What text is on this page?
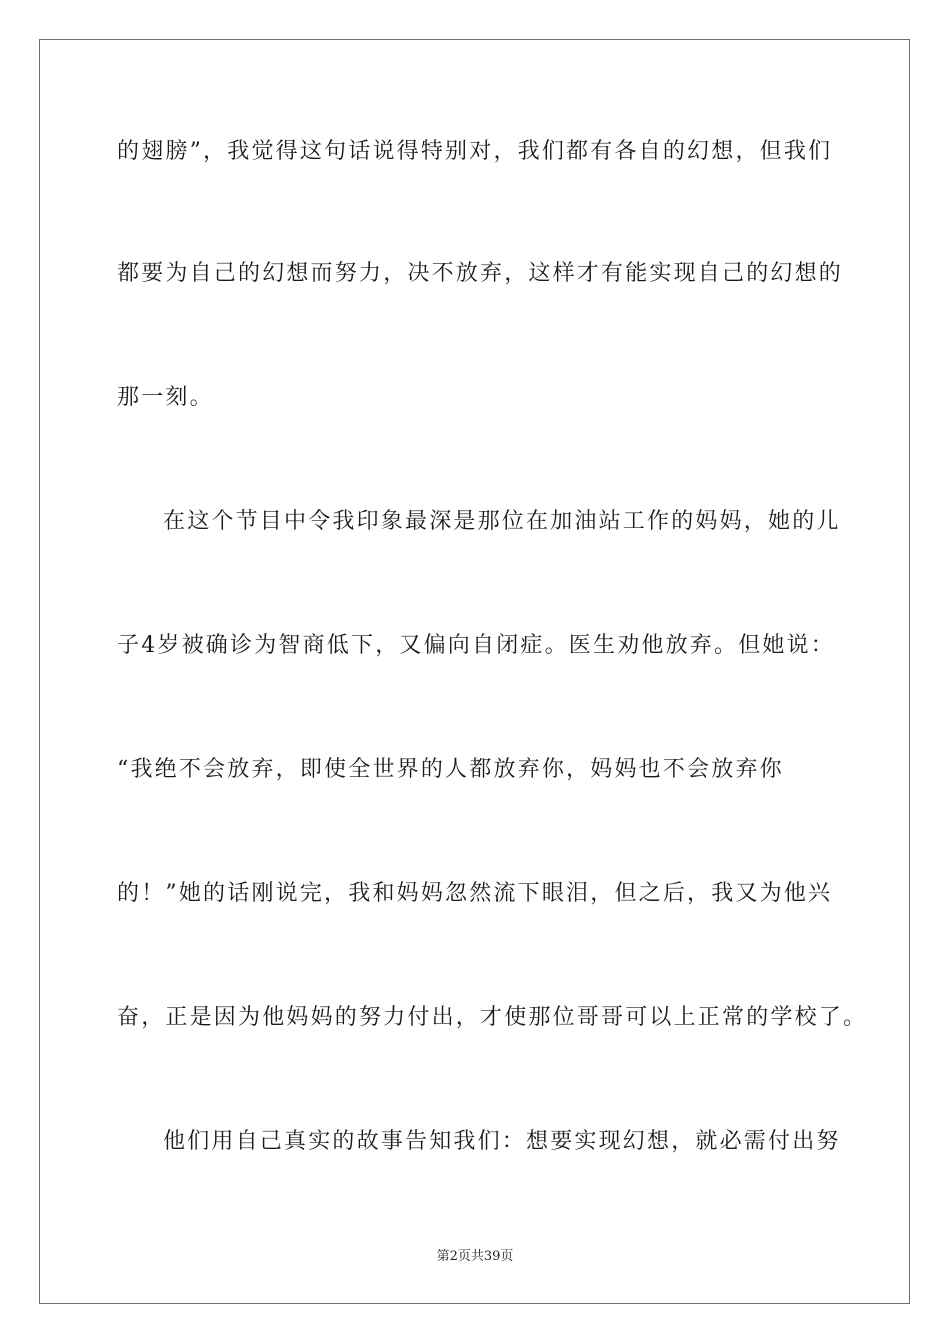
的翅膀”，我觉得这句话说得特别对，我们都有各自的幻想，但我们
都要为自己的幻想而努力，决不放弃，这样才有能实现自己的幻想的
那一刻。
在这个节目中令我印象最深是那位在加油站工作的妈妈，她的儿
子4岁被确诊为智商低下，又偏向自闭症。医生劝他放弃。但她说：
“我绝不会放弃，即使全世界的人都放弃你，妈妈也不会放弃你
的！”她的话刚说完，我和妈妈忽然流下眼泪，但之后，我又为他兴
奋，正是因为他妈妈的努力付出，才使那位哥哥可以上正常的学校了。
他们用自己真实的故事告知我们：想要实现幻想，就必需付出努
第2页共39页
